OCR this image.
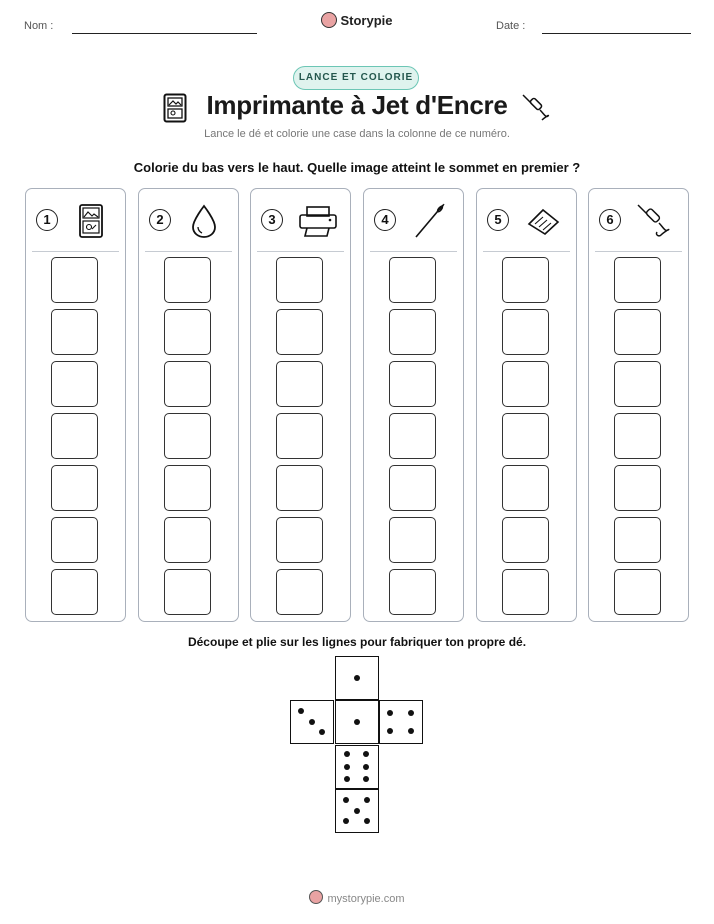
Nom :	Storypie	Date :
LANCE ET COLORIE
Imprimante à Jet d'Encre
Lance le dé et colorie une case dans la colonne de ce numéro.
Colorie du bas vers le haut. Quelle image atteint le sommet en premier ?
1	2	3	4	5	6
Découpe et plie sur les lignes pour fabriquer ton propre dé.
mystorypie.com
